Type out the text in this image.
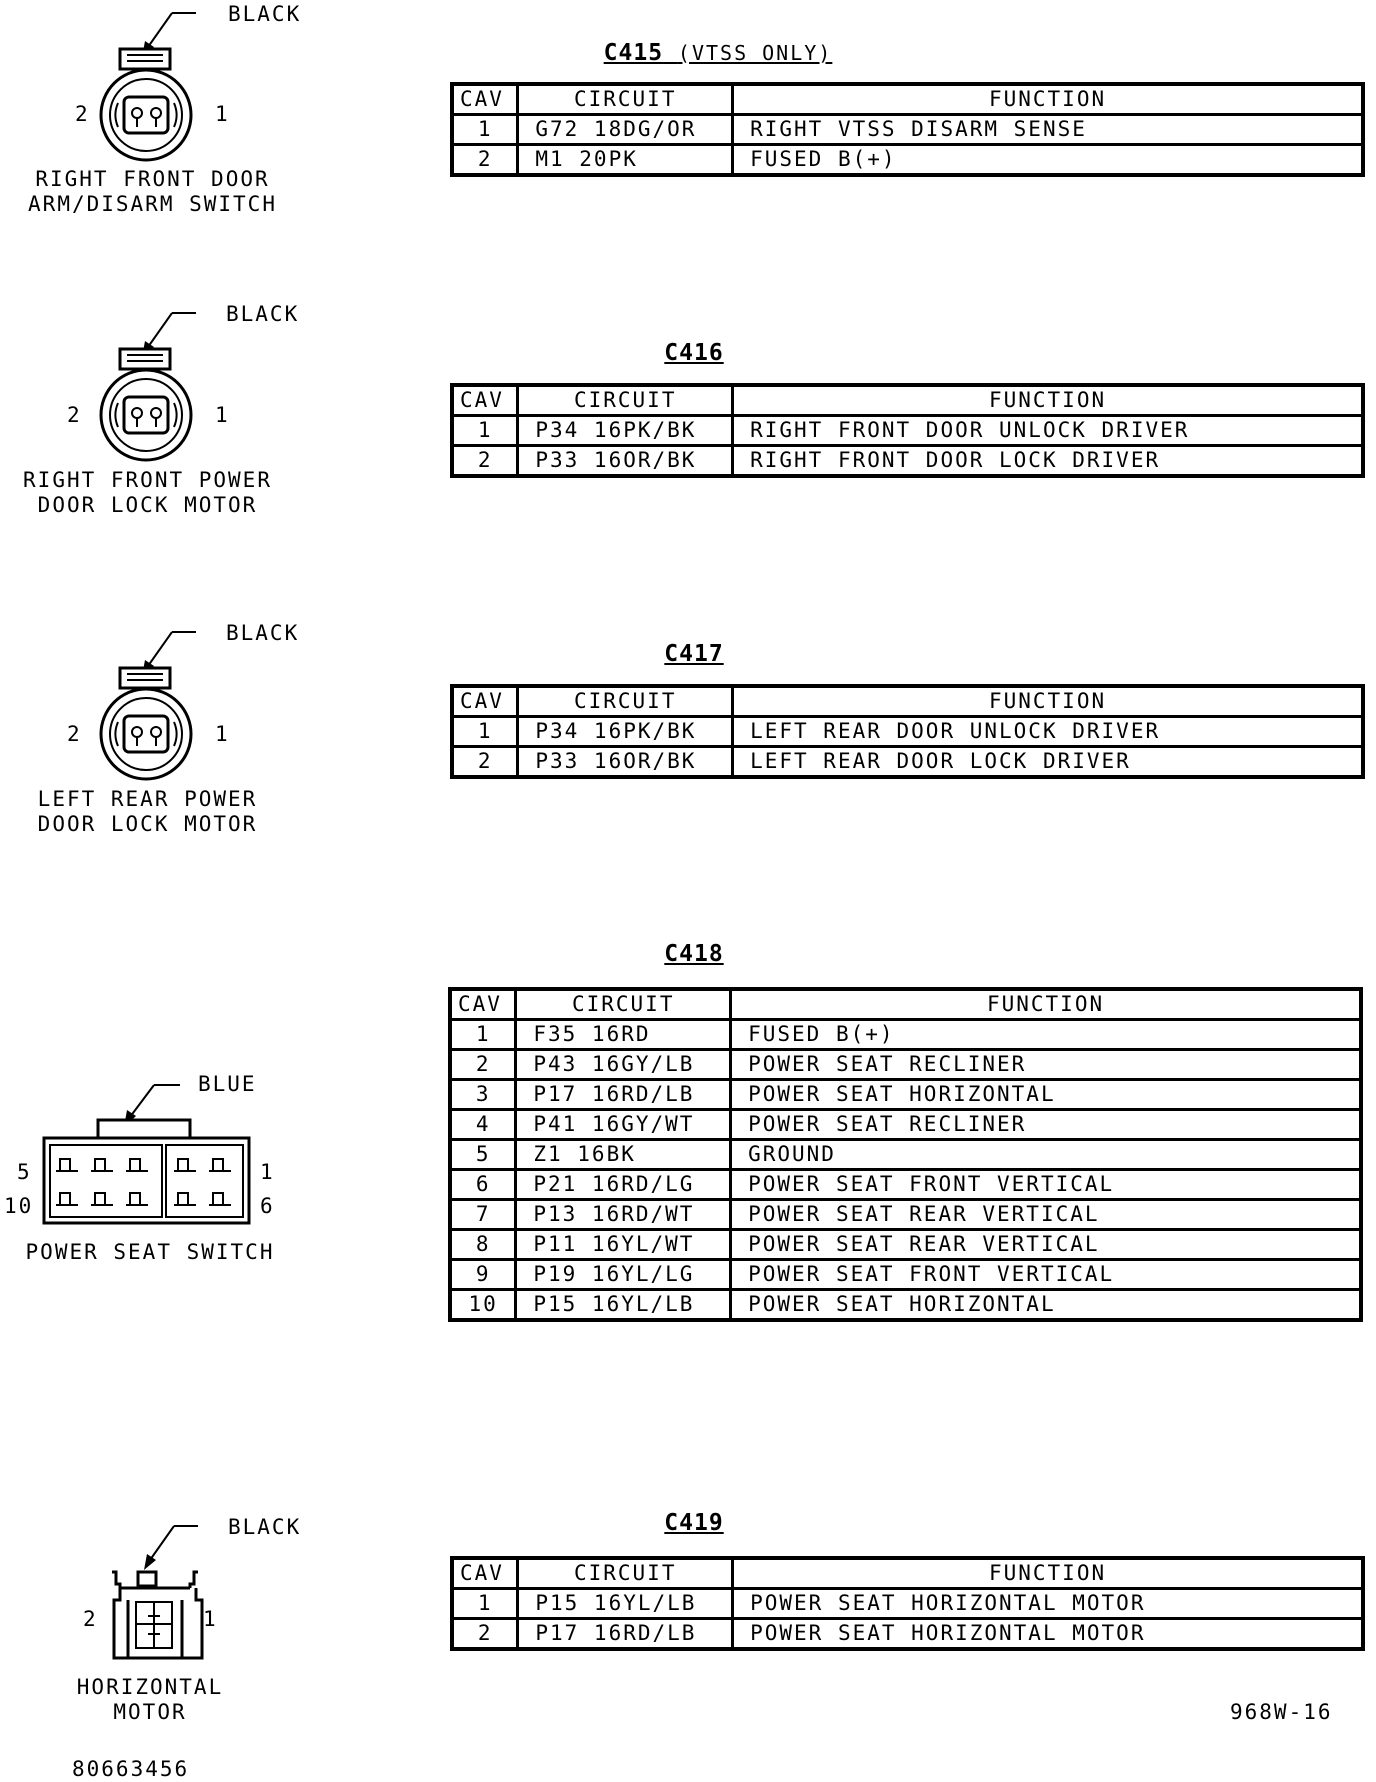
BLACK
2	1
RIGHT FRONT DOOR
ARM/DISARM SWITCH
C415 (VTSS ONLY)
CAV	CIRCUIT	FUNCTION
1	G72 18DG/OR	RIGHT VTSS DISARM SENSE
2	M1 20PK	FUSED B(+)
BLACK
2	1
RIGHT FRONT POWER
DOOR LOCK MOTOR
C416
CAV	CIRCUIT	FUNCTION
1	P34 16PK/BK	RIGHT FRONT DOOR UNLOCK DRIVER
2	P33 16OR/BK	RIGHT FRONT DOOR LOCK DRIVER
BLACK
2	1
LEFT REAR POWER
DOOR LOCK MOTOR
C417
CAV	CIRCUIT	FUNCTION
1	P34 16PK/BK	LEFT REAR DOOR UNLOCK DRIVER
2	P33 16OR/BK	LEFT REAR DOOR LOCK DRIVER
BLUE
5	1
10	6
POWER SEAT SWITCH
C418
CAV	CIRCUIT	FUNCTION
1	F35 16RD	FUSED B(+)
2	P43 16GY/LB	POWER SEAT RECLINER
3	P17 16RD/LB	POWER SEAT HORIZONTAL
4	P41 16GY/WT	POWER SEAT RECLINER
5	Z1 16BK	GROUND
6	P21 16RD/LG	POWER SEAT FRONT VERTICAL
7	P13 16RD/WT	POWER SEAT REAR VERTICAL
8	P11 16YL/WT	POWER SEAT REAR VERTICAL
9	P19 16YL/LG	POWER SEAT FRONT VERTICAL
10	P15 16YL/LB	POWER SEAT HORIZONTAL
BLACK
2	1
HORIZONTAL
MOTOR
C419
CAV	CIRCUIT	FUNCTION
1	P15 16YL/LB	POWER SEAT HORIZONTAL MOTOR
2	P17 16RD/LB	POWER SEAT HORIZONTAL MOTOR
968W-16
80663456
